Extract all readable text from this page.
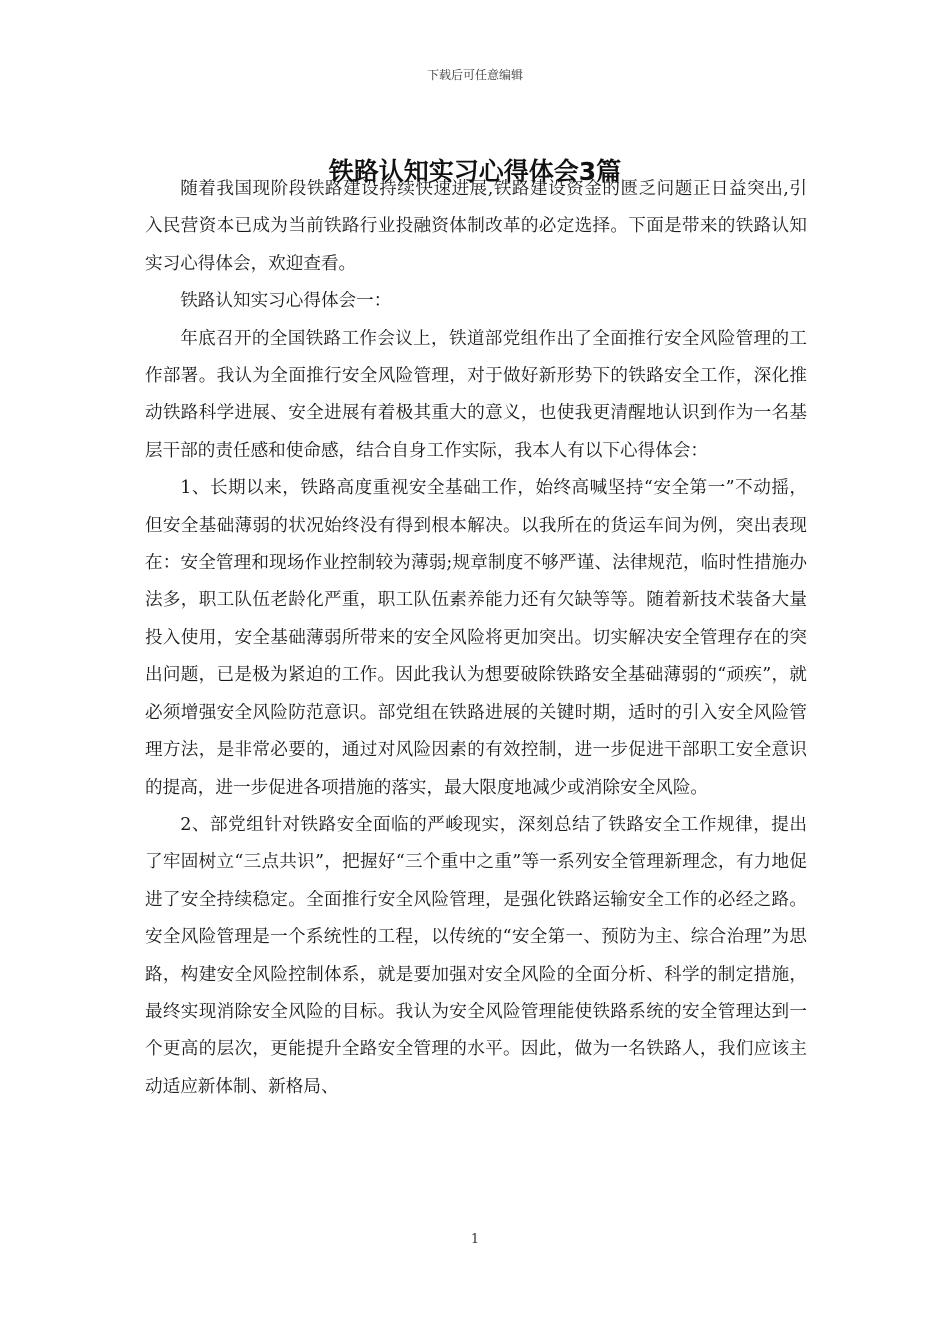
下载后可任意编辑
铁路认知实习心得体会3篇

随着我国现阶段铁路建设持续快速进展,铁路建设资金的匮乏问题正日益突出,引入民营资本已成为当前铁路行业投融资体制改革的必定选择。下面是带来的铁路认知实习心得体会，欢迎查看。

铁路认知实习心得体会一：

年底召开的全国铁路工作会议上，铁道部党组作出了全面推行安全风险管理的工作部署。我认为全面推行安全风险管理，对于做好新形势下的铁路安全工作，深化推动铁路科学进展、安全进展有着极其重大的意义，也使我更清醒地认识到作为一名基层干部的责任感和使命感，结合自身工作实际，我本人有以下心得体会：

1、长期以来，铁路高度重视安全基础工作，始终高喊坚持“安全第一”不动摇，但安全基础薄弱的状况始终没有得到根本解决。以我所在的货运车间为例，突出表现在：安全管理和现场作业控制较为薄弱;规章制度不够严谨、法律规范，临时性措施办法多，职工队伍老龄化严重，职工队伍素养能力还有欠缺等等。随着新技术装备大量投入使用，安全基础薄弱所带来的安全风险将更加突出。切实解决安全管理存在的突出问题，已是极为紧迫的工作。因此我认为想要破除铁路安全基础薄弱的“顽疾”，就必须增强安全风险防范意识。部党组在铁路进展的关键时期，适时的引入安全风险管理方法，是非常必要的，通过对风险因素的有效控制，进一步促进干部职工安全意识的提高，进一步促进各项措施的落实，最大限度地减少或消除安全风险。

2、部党组针对铁路安全面临的严峻现实，深刻总结了铁路安全工作规律，提出了牢固树立“三点共识”，把握好“三个重中之重”等一系列安全管理新理念，有力地促进了安全持续稳定。全面推行安全风险管理，是强化铁路运输安全工作的必经之路。安全风险管理是一个系统性的工程，以传统的“安全第一、预防为主、综合治理”为思路，构建安全风险控制体系，就是要加强对安全风险的全面分析、科学的制定措施，最终实现消除安全风险的目标。我认为安全风险管理能使铁路系统的安全管理达到一个更高的层次，更能提升全路安全管理的水平。因此，做为一名铁路人，我们应该主动适应新体制、新格局、

1
